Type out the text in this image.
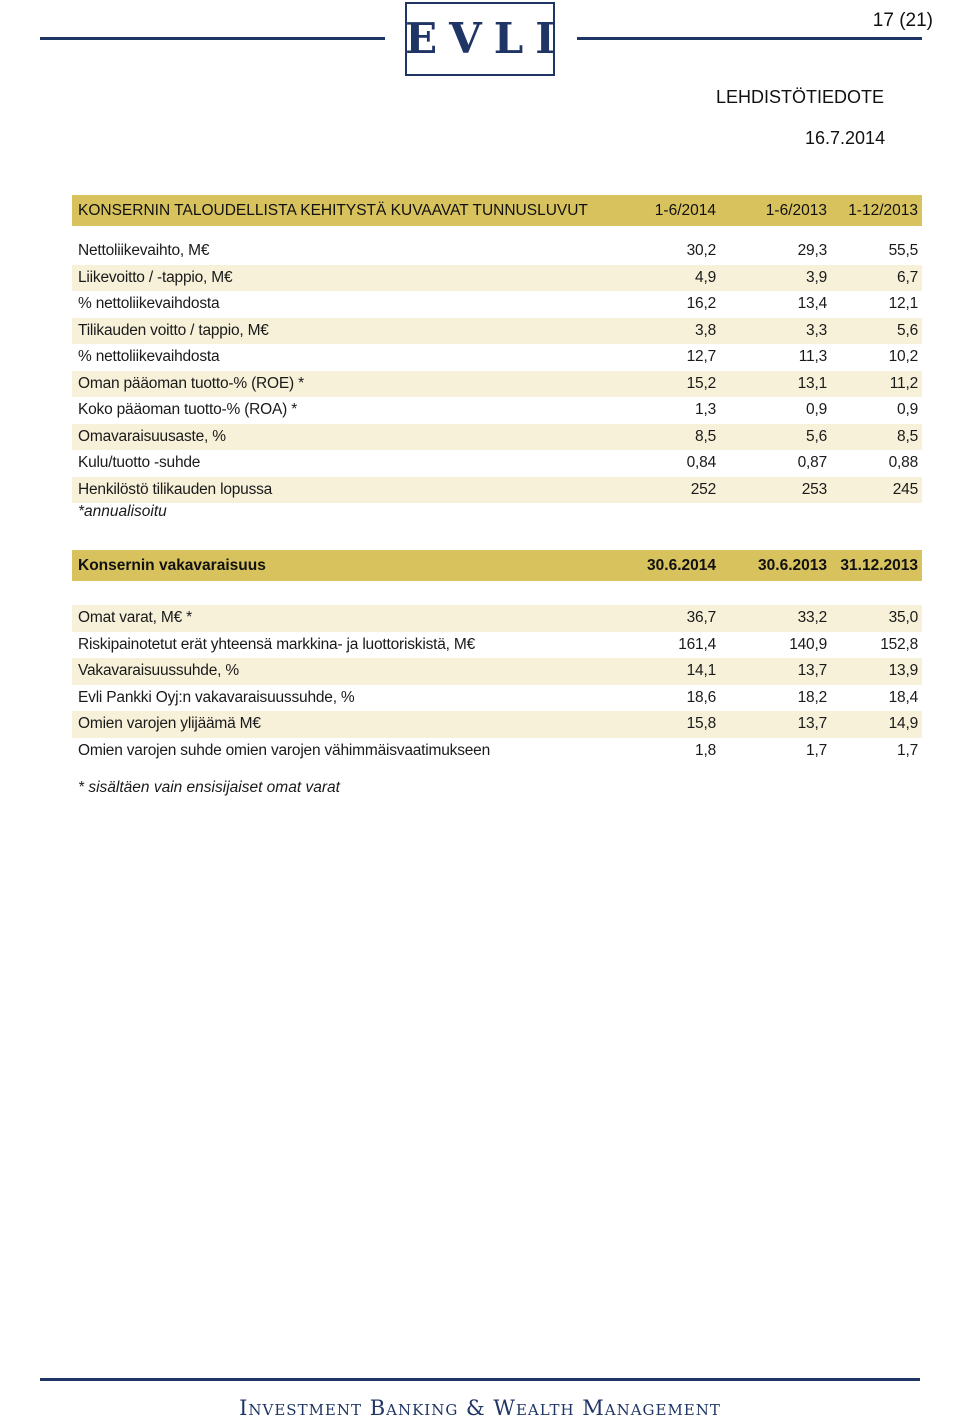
EVLI	17 (21)
LEHDISTÖTIEDOTE
16.7.2014
KONSERNIN TALOUDELLISTA KEHITYSTÄ KUVAAVAT TUNNUSLUVUT	1-6/2014	1-6/2013 1-12/2013
Nettoliikevaihto, M€	30,2	29,3	55,5
Liikevoitto / -tappio, M€	4,9	3,9	6,7
% nettoliikevaihdosta	16,2	13,4	12,1
Tilikauden voitto / tappio, M€	3,8	3,3	5,6
% nettoliikevaihdosta	12,7	11,3	10,2
Oman pääoman tuotto-% (ROE) *	15,2	13,1	11,2
Koko pääoman tuotto-% (ROA) *	1,3	0,9	0,9
Omavaraisuusaste, %	8,5	5,6	8,5
Kulu/tuotto -suhde	0,84	0,87	0,88
Henkilöstö tilikauden lopussa	252	253	245
*annualisoitu
Konsernin vakavaraisuus	30.6.2014	30.6.2013 31.12.2013
Omat varat, M€ *	36,7	33,2	35,0
Riskipainotetut erät yhteensä markkina- ja luottoriskistä, M€	161,4	140,9	152,8
Vakavaraisuussuhde, %	14,1	13,7	13,9
Evli Pankki Oyj:n vakavaraisuussuhde, %	18,6	18,2	18,4
Omien varojen ylijäämä M€	15,8	13,7	14,9
Omien varojen suhde omien varojen vähimmäisvaatimukseen	1,8	1,7	1,7
* sisältäen vain ensisijaiset omat varat
Investment Banking & Wealth Management
